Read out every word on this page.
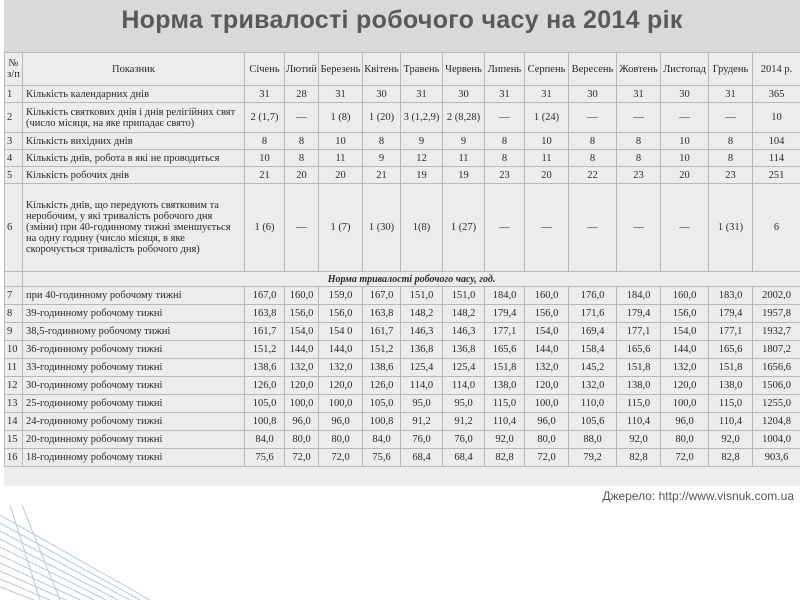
Норма тривалості робочого часу на 2014 рік
№ з/п	Показник	Січень	Лютий	Березень	Квітень	Травень	Червень	Липень	Серпень	Вересень	Жовтень	Листопад	Грудень	2014 р.
1	Кількість календарних днів	31	28	31	30	31	30	31	31	30	31	30	31	365
2	Кількість святкових днів і днів релігійних свят (число місяця, на яке припадає свято)	2 (1,7)	—	1 (8)	1 (20)	3 (1,2,9)	2 (8,28)	—	1 (24)	—	—	—	—	10
3	Кількість вихідних днів	8	8	10	8	9	9	8	10	8	8	10	8	104
4	Кількість днів, робота в які не проводиться	10	8	11	9	12	11	8	11	8	8	10	8	114
5	Кількість робочих днів	21	20	20	21	19	19	23	20	22	23	20	23	251
6	Кількість днів, що передують святковим та неробочим, у які тривалість робочого дня (зміни) при 40-годинному тижні зменшується на одну годину (число місяця, в яке скорочується тривалість робочого дня)	1 (6)	—	1 (7)	1 (30)	1(8)	1 (27)	—	—	—	—	—	1 (31)	6
	Норма тривалості робочого часу, год.													
7	при 40-годинному робочому тижні	167,0	160,0	159,0	167,0	151,0	151,0	184,0	160,0	176,0	184,0	160,0	183,0	2002,0
8	39-годинному робочому тижні	163,8	156,0	156,0	163,8	148,2	148,2	179,4	156,0	171,6	179,4	156,0	179,4	1957,8
9	38,5-годинному робочому тижні	161,7	154,0	154 0	161,7	146,3	146,3	177,1	154,0	169,4	177,1	154,0	177,1	1932,7
10	36-годинному робочому тижні	151,2	144,0	144,0	151,2	136,8	136,8	165,6	144,0	158,4	165,6	144,0	165,6	1807,2
11	33-годинному робочому тижні	138,6	132,0	132,0	138,6	125,4	125,4	151,8	132,0	145,2	151,8	132,0	151,8	1656,6
12	30-годинному робочому тижні	126,0	120,0	120,0	126,0	114,0	114,0	138,0	120,0	132,0	138,0	120,0	138,0	1506,0
13	25-годинному робочому тижні	105,0	100,0	100,0	105,0	95,0	95,0	115,0	100,0	110,0	115,0	100,0	115,0	1255,0
14	24-годинному робочому тижні	100,8	96,0	96,0	100,8	91,2	91,2	110,4	96,0	105,6	110,4	96,0	110,4	1204,8
15	20-годинному робочому тижні	84,0	80,0	80,0	84,0	76,0	76,0	92,0	80,0	88,0	92,0	80,0	92,0	1004,0
16	18-годинному робочому тижні	75,6	72,0	72,0	75,6	68,4	68,4	82,8	72,0	79,2	82,8	72,0	82,8	903,6
Джерело: http://www.visnuk.com.ua
